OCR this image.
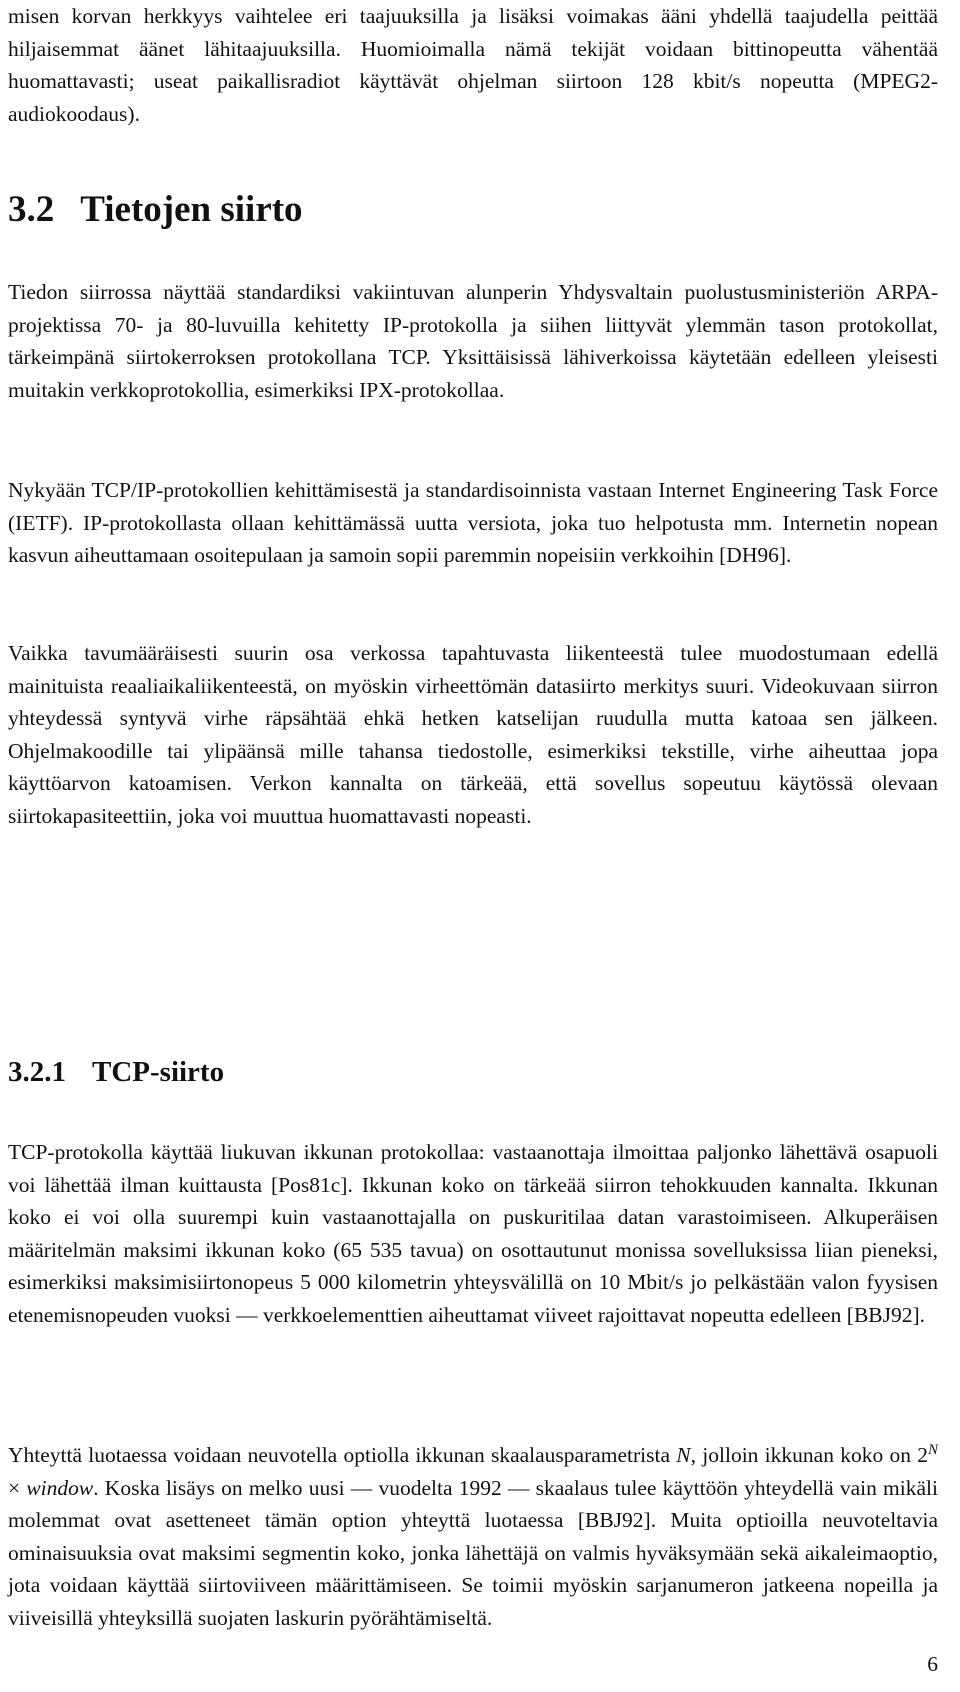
misen korvan herkkyys vaihtelee eri taajuuksilla ja lisäksi voimakas ääni yhdellä taajudella peittää hiljaisemmat äänet lähitaajuuksilla. Huomioimalla nämä tekijät voidaan bittinopeutta vähentää huomattavasti; useat paikallisradiot käyttävät ohjelman siirtoon 128 kbit/s nopeutta (MPEG2-audiokoodaus).

3.2 Tietojen siirto

Tiedon siirrossa näyttää standardiksi vakiintuvan alunperin Yhdysvaltain puolustusministeriön ARPA-projektissa 70- ja 80-luvuilla kehitetty IP-protokolla ja siihen liittyvät ylemmän tason protokollat, tärkeimpänä siirtokerroksen protokollana TCP. Yksittäisissä lähiverkoissa käytetään edelleen yleisesti muitakin verkkoprotokollia, esimerkiksi IPX-protokollaa.

Nykyään TCP/IP-protokollien kehittämisestä ja standardisoinnista vastaan Internet Engineering Task Force (IETF). IP-protokollasta ollaan kehittämässä uutta versiota, joka tuo helpotusta mm. Internetin nopean kasvun aiheuttamaan osoitepulaan ja samoin sopii paremmin nopeisiin verkkoihin [DH96].

Vaikka tavumääräisesti suurin osa verkossa tapahtuvasta liikenteestä tulee muodostumaan edellä mainituista reaaliaikaliikenteestä, on myöskin virheettömän datasiirto merkitys suuri. Videokuvaan siirron yhteydessä syntyvä virhe räpsähtää ehkä hetken katselijan ruudulla mutta katoaa sen jälkeen. Ohjelmakoodille tai ylipäänsä mille tahansa tiedostolle, esimerkiksi tekstille, virhe aiheuttaa jopa käyttöarvon katoamisen. Verkon kannalta on tärkeää, että sovellus sopeutuu käytössä olevaan siirtokapasiteettiin, joka voi muuttua huomattavasti nopeasti.

3.2.1 TCP-siirto

TCP-protokolla käyttää liukuvan ikkunan protokollaa: vastaanottaja ilmoittaa paljonko lähettävä osapuoli voi lähettää ilman kuittausta [Pos81c]. Ikkunan koko on tärkeää siirron tehokkuuden kannalta. Ikkunan koko ei voi olla suurempi kuin vastaanottajalla on puskuritilaa datan varastoimiseen. Alkuperäisen määritelmän maksimi ikkunan koko (65 535 tavua) on osottautunut monissa sovelluksissa liian pieneksi, esimerkiksi maksimisiirtonopeus 5 000 kilometrin yhteysvälillä on 10 Mbit/s jo pelkästään valon fyysisen etenemisnopeuden vuoksi — verkkoelementtien aiheuttamat viiveet rajoittavat nopeutta edelleen [BBJ92].

Yhteyttä luotaessa voidaan neuvotella optiolla ikkunan skaalausparametrista N, jolloin ikkunan koko on $2^N$ × window. Koska lisäys on melko uusi — vuodelta 1992 — skaalaus tulee käyttöön yhteydellä vain mikäli molemmat ovat asetteneet tämän option yhteyttä luotaessa [BBJ92]. Muita optioilla neuvoteltavia ominaisuuksia ovat maksimi segmentin koko, jonka lähettäjä on valmis hyväksymään sekä aikaleimaoptio, jota voidaan käyttää siirtoviiveen määrittämiseen. Se toimii myöskin sarjanumeron jatkeena nopeilla ja viiveisillä yhteyksillä suojaten laskurin pyörähtämiseltä.

6
